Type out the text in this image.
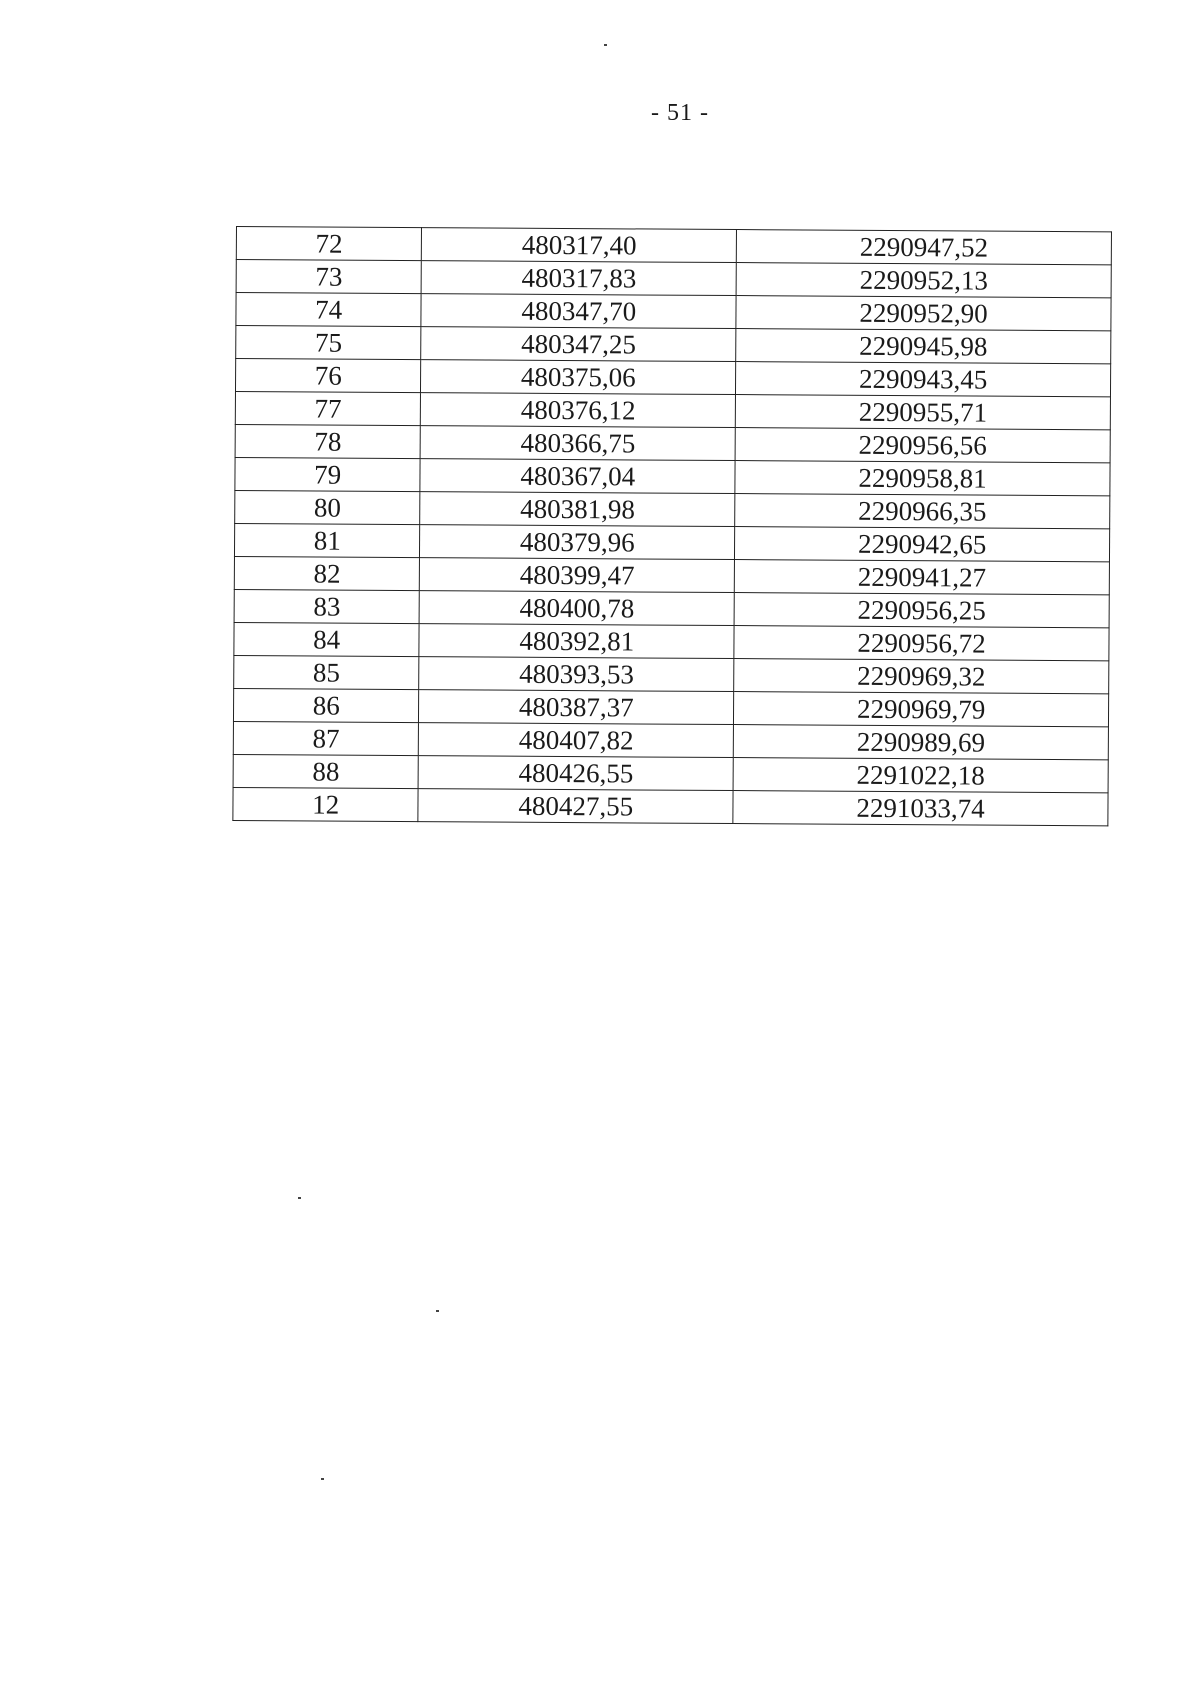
- 51 -
72	480317,40	2290947,52
73	480317,83	2290952,13
74	480347,70	2290952,90
75	480347,25	2290945,98
76	480375,06	2290943,45
77	480376,12	2290955,71
78	480366,75	2290956,56
79	480367,04	2290958,81
80	480381,98	2290966,35
81	480379,96	2290942,65
82	480399,47	2290941,27
83	480400,78	2290956,25
84	480392,81	2290956,72
85	480393,53	2290969,32
86	480387,37	2290969,79
87	480407,82	2290989,69
88	480426,55	2291022,18
12	480427,55	2291033,74
